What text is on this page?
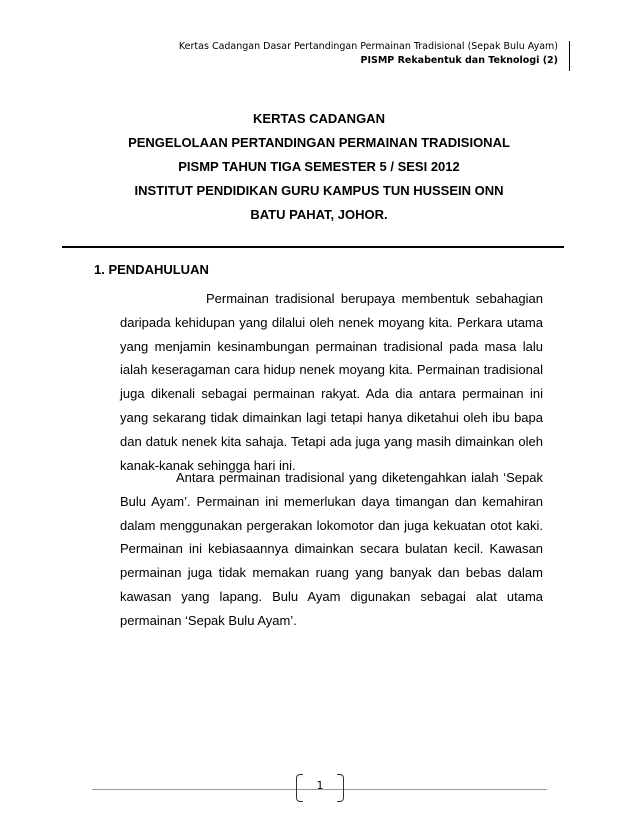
Kertas Cadangan Dasar Pertandingan Permainan Tradisional (Sepak Bulu Ayam)
PISMP Rekabentuk dan Teknologi (2)
KERTAS CADANGAN
PENGELOLAAN PERTANDINGAN PERMAINAN TRADISIONAL
PISMP TAHUN TIGA SEMESTER 5 / SESI 2012
INSTITUT PENDIDIKAN GURU KAMPUS TUN HUSSEIN ONN
BATU PAHAT, JOHOR.
1. PENDAHULUAN
Permainan tradisional berupaya membentuk sebahagian daripada kehidupan yang dilalui oleh nenek moyang kita. Perkara utama yang menjamin kesinambungan permainan tradisional pada masa lalu ialah keseragaman cara hidup nenek moyang kita. Permainan tradisional juga dikenali sebagai permainan rakyat. Ada dia antara permainan ini yang sekarang tidak dimainkan lagi tetapi hanya diketahui oleh ibu bapa dan datuk nenek kita sahaja. Tetapi ada juga yang masih dimainkan oleh kanak-kanak sehingga hari ini.
Antara permainan tradisional yang diketengahkan ialah ‘Sepak Bulu Ayam’. Permainan ini memerlukan daya timangan dan kemahiran dalam menggunakan pergerakan lokomotor dan juga kekuatan otot kaki. Permainan ini kebiasaannya dimainkan secara bulatan kecil. Kawasan permainan juga tidak memakan ruang yang banyak dan bebas dalam kawasan yang lapang. Bulu Ayam digunakan sebagai alat utama permainan ‘Sepak Bulu Ayam’.
1
